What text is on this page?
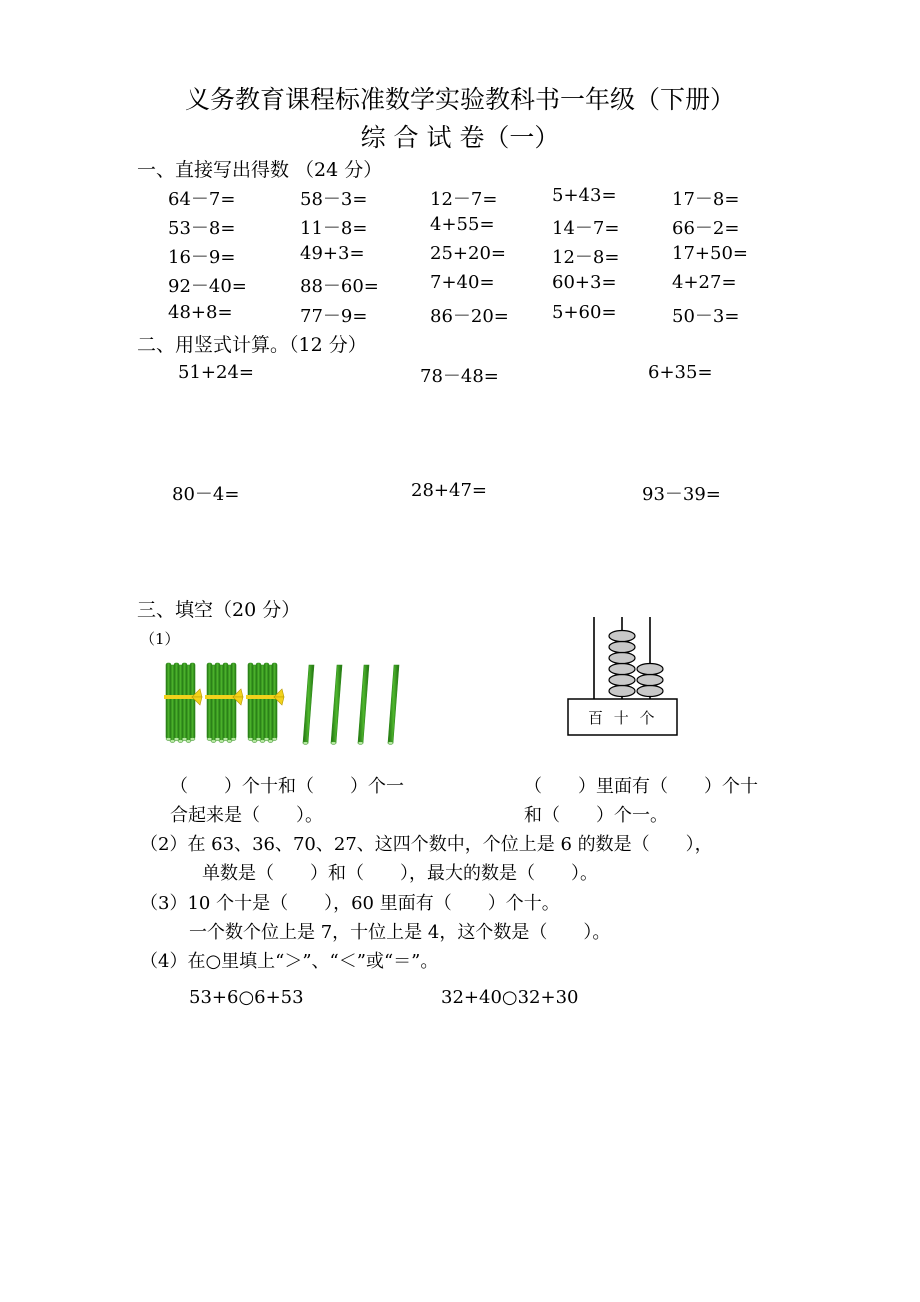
义务教育课程标准数学实验教科书一年级（下册）
综 合 试 卷（一）
一、直接写出得数 （24 分）
64－7=	58－3=	12－7=	5+43=	17－8=
53－8=	11－8=	4+55=	14－7=	66－2=
16－9=	49+3=	25+20=	12－8=	17+50=
92－40=	88－60=	7+40=	60+3=	4+27=
48+8=	77－9=	86－20= 5+60=	50－3=
二、用竖式计算。（12 分）
51+24=	78－48=	6+35=
80－4=	28+47=	93－39=
三、填空（20 分）
（1）
百 十 个
（　　）个十和（　　）个一
合起来是（　　）。
（　　）里面有（　　）个十
和（　　）个一。
（2）在 63、36、70、27、这四个数中，个位上是 6 的数是（　　），
单数是（　　）和（　　），最大的数是（　　）。
（3）10 个十是（　　），60 里面有（　　）个十。
一个数个位上是 7，十位上是 4，这个数是（　　）。
（4）在○里填上“＞”、“＜”或“＝”。
53+6○6+53	32+40○32+30
